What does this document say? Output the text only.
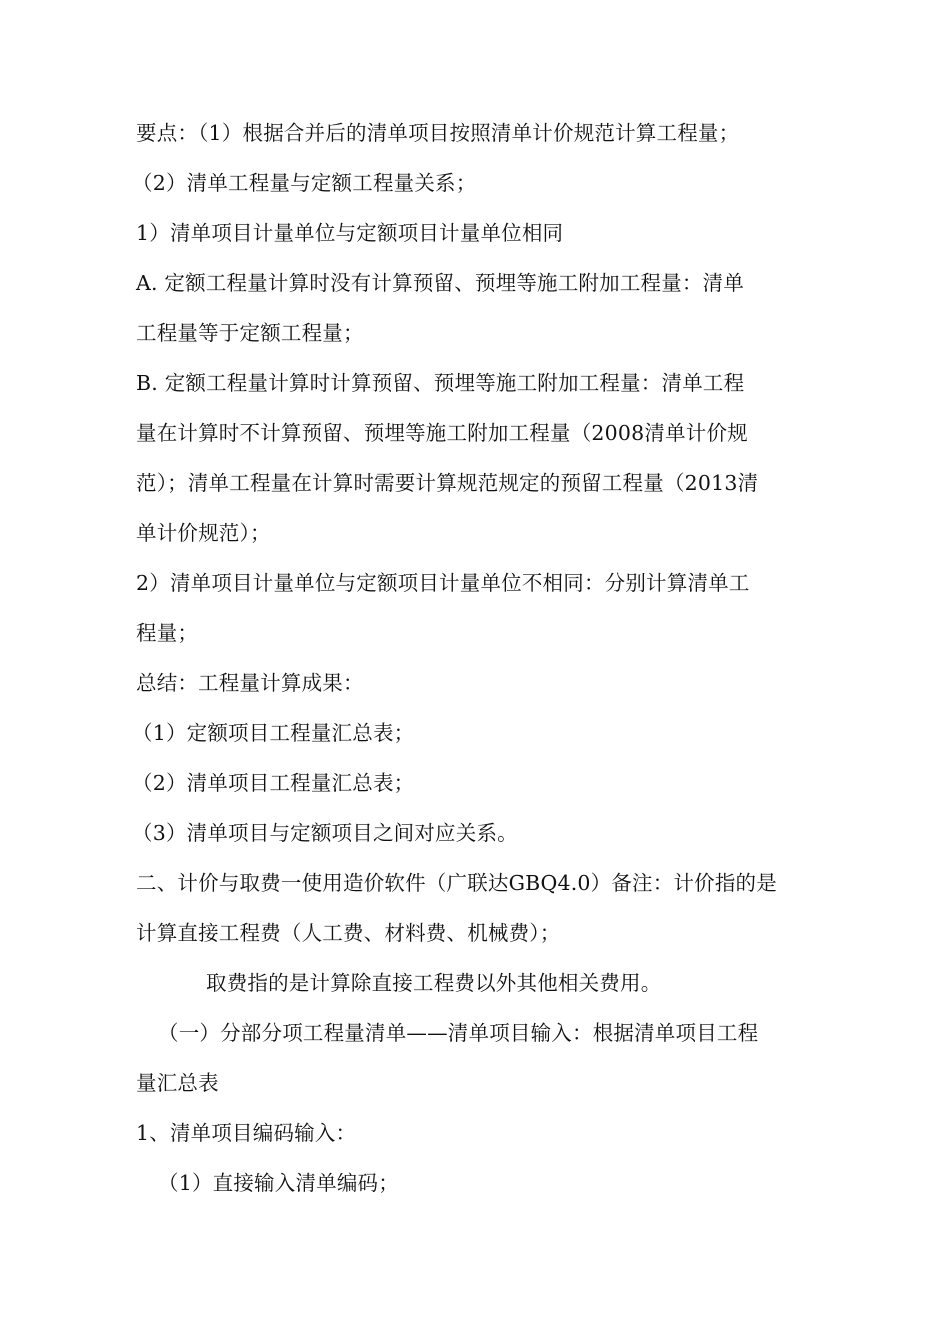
要点：（1）根据合并后的清单项目按照清单计价规范计算工程量；
（2）清单工程量与定额工程量关系；
1）清单项目计量单位与定额项目计量单位相同
A. 定额工程量计算时没有计算预留、预埋等施工附加工程量：清单
工程量等于定额工程量；
B. 定额工程量计算时计算预留、预埋等施工附加工程量：清单工程
量在计算时不计算预留、预埋等施工附加工程量（2008清单计价规
范）；清单工程量在计算时需要计算规范规定的预留工程量（2013清
单计价规范）；
2）清单项目计量单位与定额项目计量单位不相同：分别计算清单工
程量；
总结：工程量计算成果：
（1）定额项目工程量汇总表；
（2）清单项目工程量汇总表；
（3）清单项目与定额项目之间对应关系。
二、计价与取费一使用造价软件（广联达GBQ4.0）备注：计价指的是
计算直接工程费（人工费、材料费、机械费）；
取费指的是计算除直接工程费以外其他相关费用。
（一）分部分项工程量清单——清单项目输入：根据清单项目工程
量汇总表
1、清单项目编码输入：
（1）直接输入清单编码；
